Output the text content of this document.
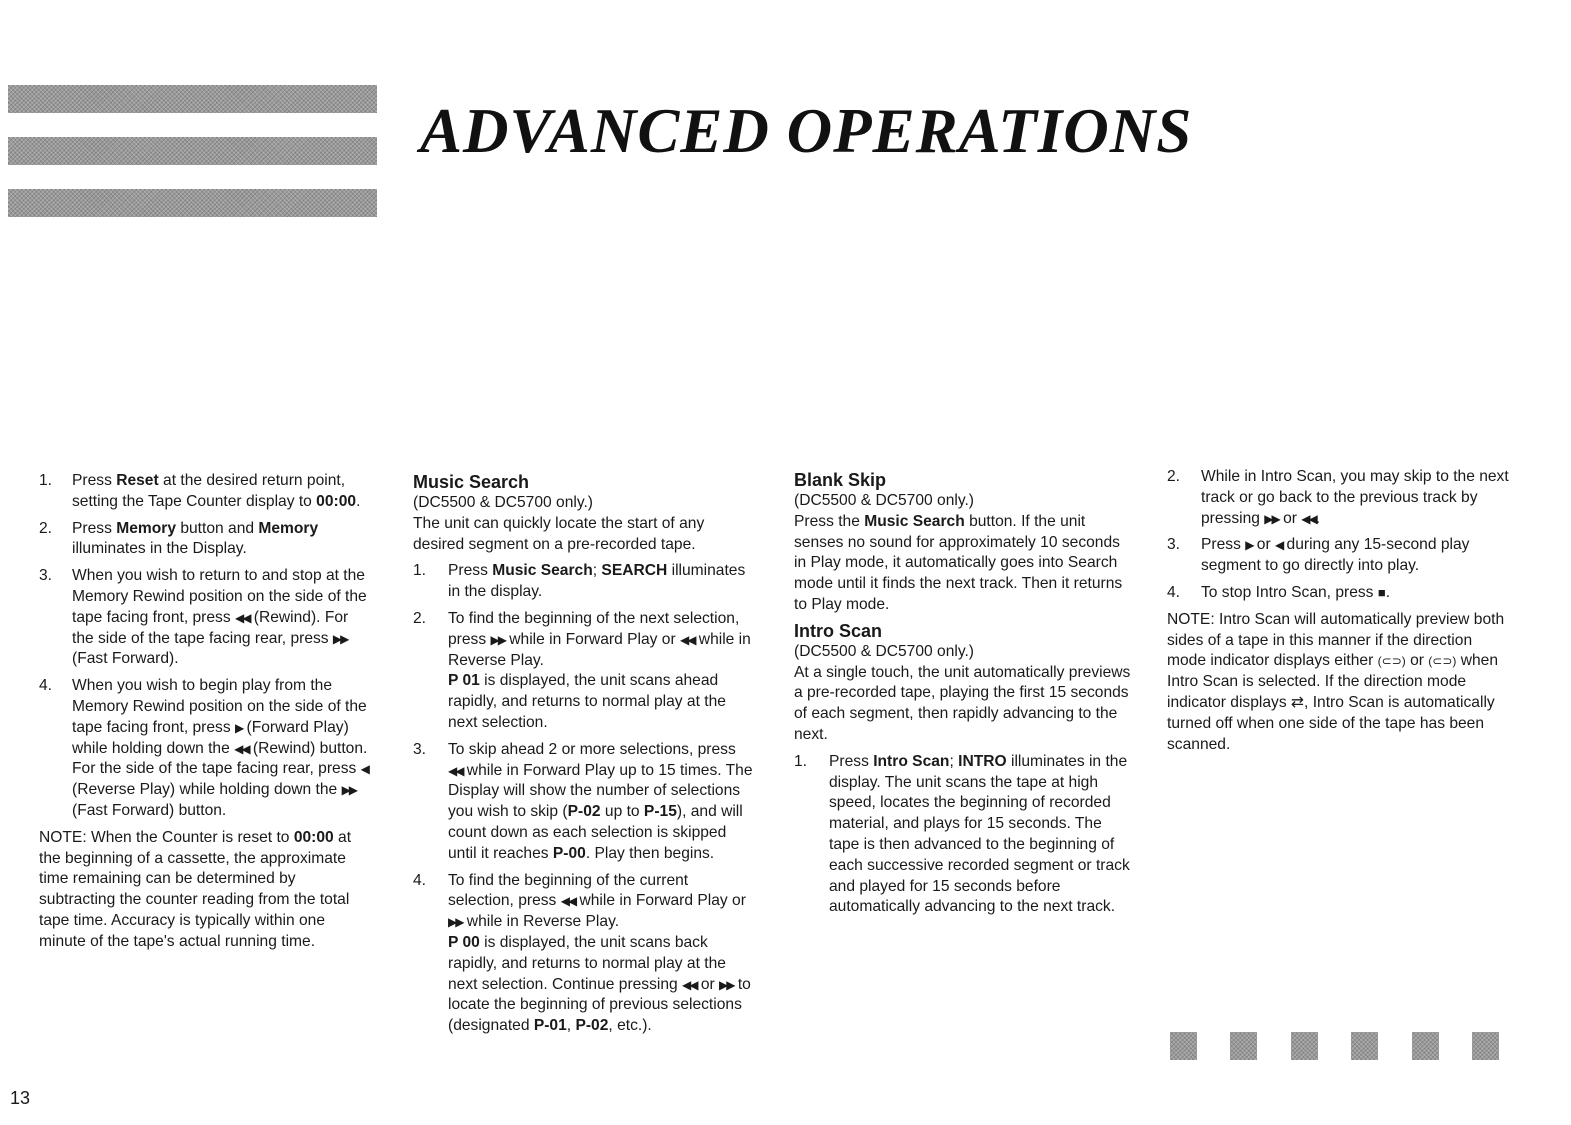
ADVANCED OPERATIONS
1. Press Reset at the desired return point, setting the Tape Counter display to 00:00.
2. Press Memory button and Memory illuminates in the Display.
3. When you wish to return to and stop at the Memory Rewind position on the side of the tape facing front, press ◀◀ (Rewind). For the side of the tape facing rear, press ▶▶ (Fast Forward).
4. When you wish to begin play from the Memory Rewind position on the side of the tape facing front, press ▶ (Forward Play) while holding down the ◀◀ (Rewind) button. For the side of the tape facing rear, press ◀ (Reverse Play) while holding down the ▶▶ (Fast Forward) button.

NOTE: When the Counter is reset to 00:00 at the beginning of a cassette, the approximate time remaining can be determined by subtracting the counter reading from the total tape time. Accuracy is typically within one minute of the tape's actual running time.

Music Search

(DC5500 & DC5700 only.)

The unit can quickly locate the start of any desired segment on a pre-recorded tape.

1. Press Music Search; SEARCH illuminates in the display.
2. To find the beginning of the next selection, press ▶▶ while in Forward Play or ◀◀ while in Reverse Play.
P 01 is displayed, the unit scans ahead rapidly, and returns to normal play at the next selection.
3. To skip ahead 2 or more selections, press ◀◀ while in Forward Play up to 15 times. The Display will show the number of selections you wish to skip (P-02 up to P-15), and will count down as each selection is skipped until it reaches P-00. Play then begins.
4. To find the beginning of the current selection, press ◀◀ while in Forward Play or ▶▶ while in Reverse Play.
P 00 is displayed, the unit scans back rapidly, and returns to normal play at the next selection. Continue pressing ◀◀ or ▶▶ to locate the beginning of previous selections (designated P-01, P-02, etc.).
Blank Skip

(DC5500 & DC5700 only.)

Press the Music Search button. If the unit senses no sound for approximately 10 seconds in Play mode, it automatically goes into Search mode until it finds the next track. Then it returns to Play mode.

Intro Scan

(DC5500 & DC5700 only.)

At a single touch, the unit automatically previews a pre-recorded tape, playing the first 15 seconds of each segment, then rapidly advancing to the next.

1. Press Intro Scan; INTRO illuminates in the display. The unit scans the tape at high speed, locates the beginning of recorded material, and plays for 15 seconds. The tape is then advanced to the beginning of each successive recorded segment or track and played for 15 seconds before automatically advancing to the next track.
2. While in Intro Scan, you may skip to the next track or go back to the previous track by pressing ▶▶ or ◀◀.
3. Press ▶ or ◀ during any 15-second play segment to go directly into play.
4. To stop Intro Scan, press ■.

NOTE: Intro Scan will automatically preview both sides of a tape in this manner if the direction mode indicator displays either (⊂⊃) or (⊂⊃) when Intro Scan is selected. If the direction mode indicator displays ⇄, Intro Scan is automatically turned off when one side of the tape has been scanned.

13
